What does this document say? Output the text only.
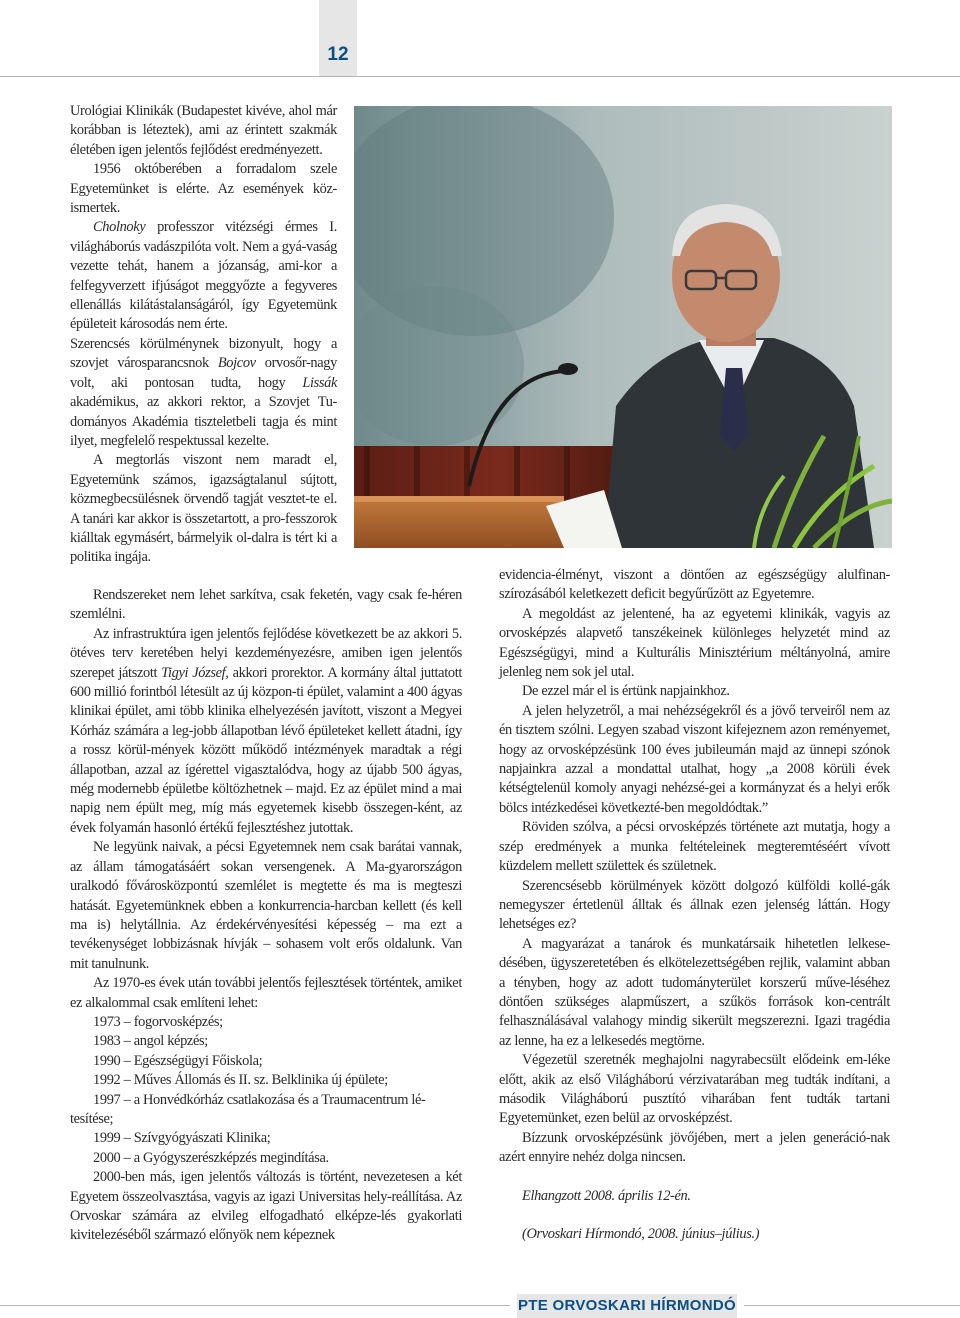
12

Urológiai Klinikák (Budapestet kivéve, ahol már korábban is léteztek), ami az érintett szakmák életében igen jelentős fejlődést eredményezett.

1956 októberében a forradalom szele Egyetemünket is elérte. Az események köz-ismertek.

Cholnoky professzor vitézségi érmes I. világháborús vadászpilóta volt. Nem a gyá-vaság vezette tehát, hanem a józanság, ami-kor a felfegyverzett ifjúságot meggyőzte a fegyveres ellenállás kilátástalanságáról, így Egyetemünk épületeit károsodás nem érte.

Szerencsés körülménynek bizonyult, hogy a szovjet városparancsnok Bojcov orvosőr-nagy volt, aki pontosan tudta, hogy Lissák akadémikus, az akkori rektor, a Szovjet Tu-dományos Akadémia tiszteletbeli tagja és mint ilyet, megfelelő respektussal kezelte.

A megtorlás viszont nem maradt el, Egyetemünk számos, igazságtalanul sújtott, közmegbecsülésnek örvendő tagját vesztet-te el. A tanári kar akkor is összetartott, a pro-fesszorok kiálltak egymásért, bármelyik ol-dalra is tért ki a politika ingája.

Rendszereket nem lehet sarkítva, csak feketén, vagy csak fe-héren szemlélni.

Az infrastruktúra igen jelentős fejlődése következett be az akkori 5. ötéves terv keretében helyi kezdeményezésre, amiben igen jelentős szerepet játszott Tigyi József, akkori prorektor. A kormány által juttatott 600 millió forintból létesült az új közpon-ti épület, valamint a 400 ágyas klinikai épület, ami több klinika elhelyezésén javított, viszont a Megyei Kórház számára a leg-jobb állapotban lévő épületeket kellett átadni, így a rossz körül-mények között működő intézmények maradtak a régi állapotban, azzal az ígérettel vigasztalódva, hogy az újabb 500 ágyas, még modernebb épületbe költözhetnek – majd. Ez az épület mind a mai napig nem épült meg, míg más egyetemek kisebb összegen-ként, az évek folyamán hasonló értékű fejlesztéshez jutottak.

Ne legyünk naivak, a pécsi Egyetemnek nem csak barátai vannak, az állam támogatásáért sokan versengenek. A Ma-gyarországon uralkodó fővárosközpontú szemlélet is megtette és ma is megteszi hatását. Egyetemünknek ebben a konkurrencia-harcban kellett (és kell ma is) helytállnia. Az érdekérvényesítési képesség – ma ezt a tevékenységet lobbizásnak hívják – sohasem volt erős oldalunk. Van mit tanulnunk.

Az 1970-es évek után további jelentős fejlesztések történtek, amiket ez alkalommal csak említeni lehet:

1973 – fogorvosképzés;

1983 – angol képzés;

1990 – Egészségügyi Főiskola;

1992 – Műves Állomás és II. sz. Belklinika új épülete;

1997 – a Honvédkórház csatlakozása és a Traumacentrum lé-tesítése;

1999 – Szívgyógyászati Klinika;

2000 – a Gyógyszerészképzés megindítása.

2000-ben más, igen jelentős változás is történt, nevezetesen a két Egyetem összeolvasztása, vagyis az igazi Universitas hely-reállítása. Az Orvoskar számára az elvileg elfogadható elképze-lés gyakorlati kivitelezéséből származó előnyök nem képeznek

evidencia-élményt, viszont a döntően az egészségügy alulfinan-szírozásából keletkezett deficit begyűrűzött az Egyetemre.

A megoldást az jelentené, ha az egyetemi klinikák, vagyis az orvosképzés alapvető tanszékeinek különleges helyzetét mind az Egészségügyi, mind a Kulturális Minisztérium méltányolná, amire jelenleg nem sok jel utal.

De ezzel már el is értünk napjainkhoz.

A jelen helyzetről, a mai nehézségekről és a jövő terveiről nem az én tisztem szólni. Legyen szabad viszont kifejeznem azon reményemet, hogy az orvosképzésünk 100 éves jubileumán majd az ünnepi szónok napjainkra azzal a mondattal utalhat, hogy „a 2008 körüli évek kétségtelenül komoly anyagi nehézsé-gei a kormányzat és a helyi erők bölcs intézkedései következté-ben megoldódtak.”

Röviden szólva, a pécsi orvosképzés története azt mutatja, hogy a szép eredmények a munka feltételeinek megteremtéséért vívott küzdelem mellett születtek és születnek.

Szerencsésebb körülmények között dolgozó külföldi kollé-gák nemegyszer értetlenül álltak és állnak ezen jelenség láttán. Hogy lehetséges ez?

A magyarázat a tanárok és munkatársaik hihetetlen lelkese-désében, ügyszeretetében és elkötelezettségében rejlik, valamint abban a tényben, hogy az adott tudományterület korszerű műve-léséhez döntően szükséges alapműszert, a szűkös források kon-centrált felhasználásával valahogy mindig sikerült megszerezni. Igazi tragédia az lenne, ha ez a lelkesedés megtörne.

Végezetül szeretnék meghajolni nagyrabecsült elődeink em-léke előtt, akik az első Világháború vérzivatarában meg tudták indítani, a második Világháború pusztító viharában fent tudták tartani Egyetemünket, ezen belül az orvosképzést.

Bízzunk orvosképzésünk jövőjében, mert a jelen generáció-nak azért ennyire nehéz dolga nincsen.

Elhangzott 2008. április 12-én.

(Orvoskari Hírmondó, 2008. június–július.)

PTE ORVOSKARI HÍRMONDÓ
